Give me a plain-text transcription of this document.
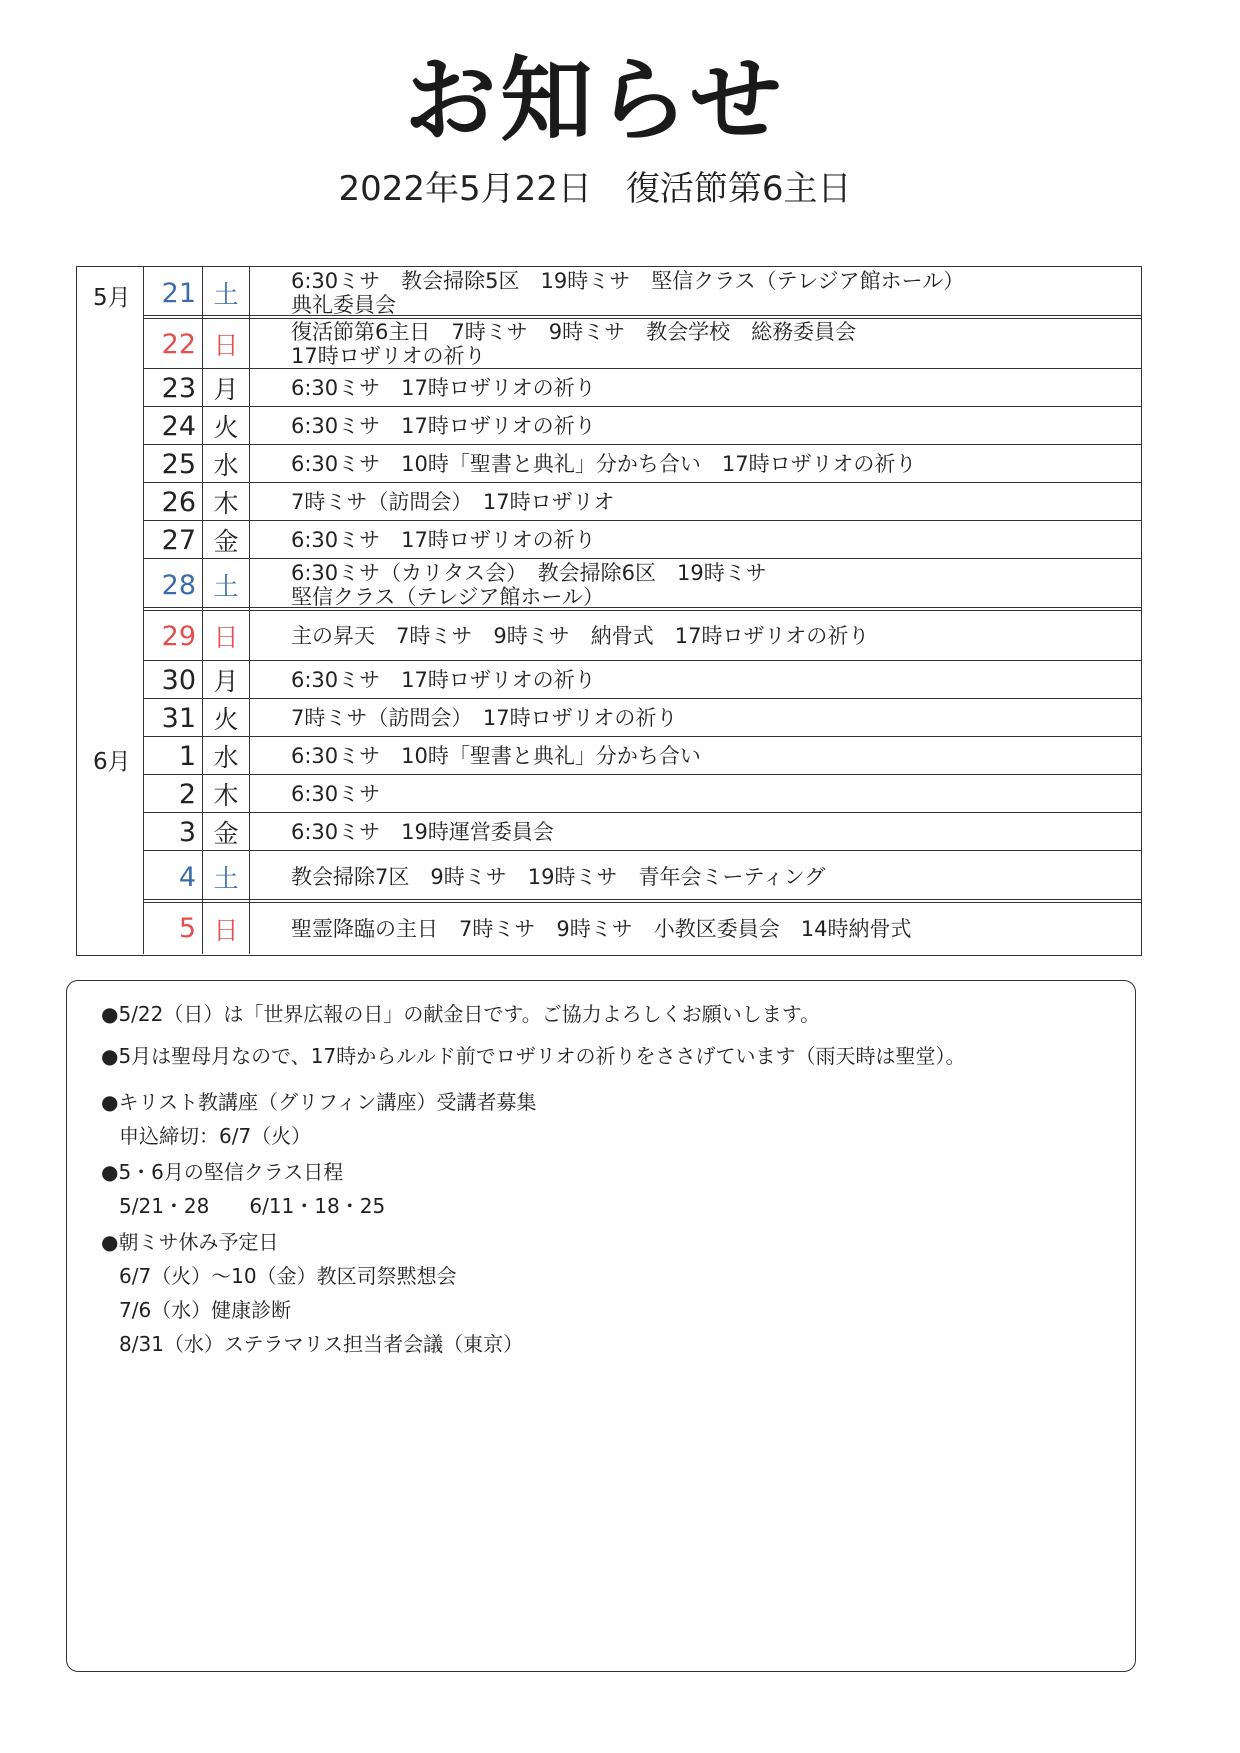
お知らせ
2022年5月22日　復活節第6主日
5月
6月
21 土	6:30ミサ　教会掃除5区　19時ミサ　堅信クラス（テレジア館ホール）
典礼委員会
22 日	復活節第6主日　7時ミサ　9時ミサ　教会学校　総務委員会
17時ロザリオの祈り
23 月	6:30ミサ　17時ロザリオの祈り
24 火	6:30ミサ　17時ロザリオの祈り
25 水	6:30ミサ　10時「聖書と典礼」分かち合い　17時ロザリオの祈り
26 木	7時ミサ（訪問会）　17時ロザリオ
27 金	6:30ミサ　17時ロザリオの祈り
28 土	6:30ミサ（カリタス会）　教会掃除6区　19時ミサ
堅信クラス（テレジア館ホール）
29 日	主の昇天　7時ミサ　9時ミサ　納骨式　17時ロザリオの祈り
30 月	6:30ミサ　17時ロザリオの祈り
31 火	7時ミサ（訪問会）　17時ロザリオの祈り
1 水	6:30ミサ　10時「聖書と典礼」分かち合い
2 木	6:30ミサ
3 金	6:30ミサ　19時運営委員会
4 土	教会掃除7区　9時ミサ　19時ミサ　青年会ミーティング
5 日	聖霊降臨の主日　7時ミサ　9時ミサ　小教区委員会　14時納骨式
●5/22（日）は「世界広報の日」の献金日です。ご協力よろしくお願いします。
●5月は聖母月なので、17時からルルド前でロザリオの祈りをささげています（雨天時は聖堂）。
●キリスト教講座（グリフィン講座）受講者募集
申込締切：6/7（火）
●5・6月の堅信クラス日程
5/21・28　　6/11・18・25
●朝ミサ休み予定日
6/7（火）～10（金）教区司祭黙想会
7/6（水）健康診断
8/31（水）ステラマリス担当者会議（東京）
